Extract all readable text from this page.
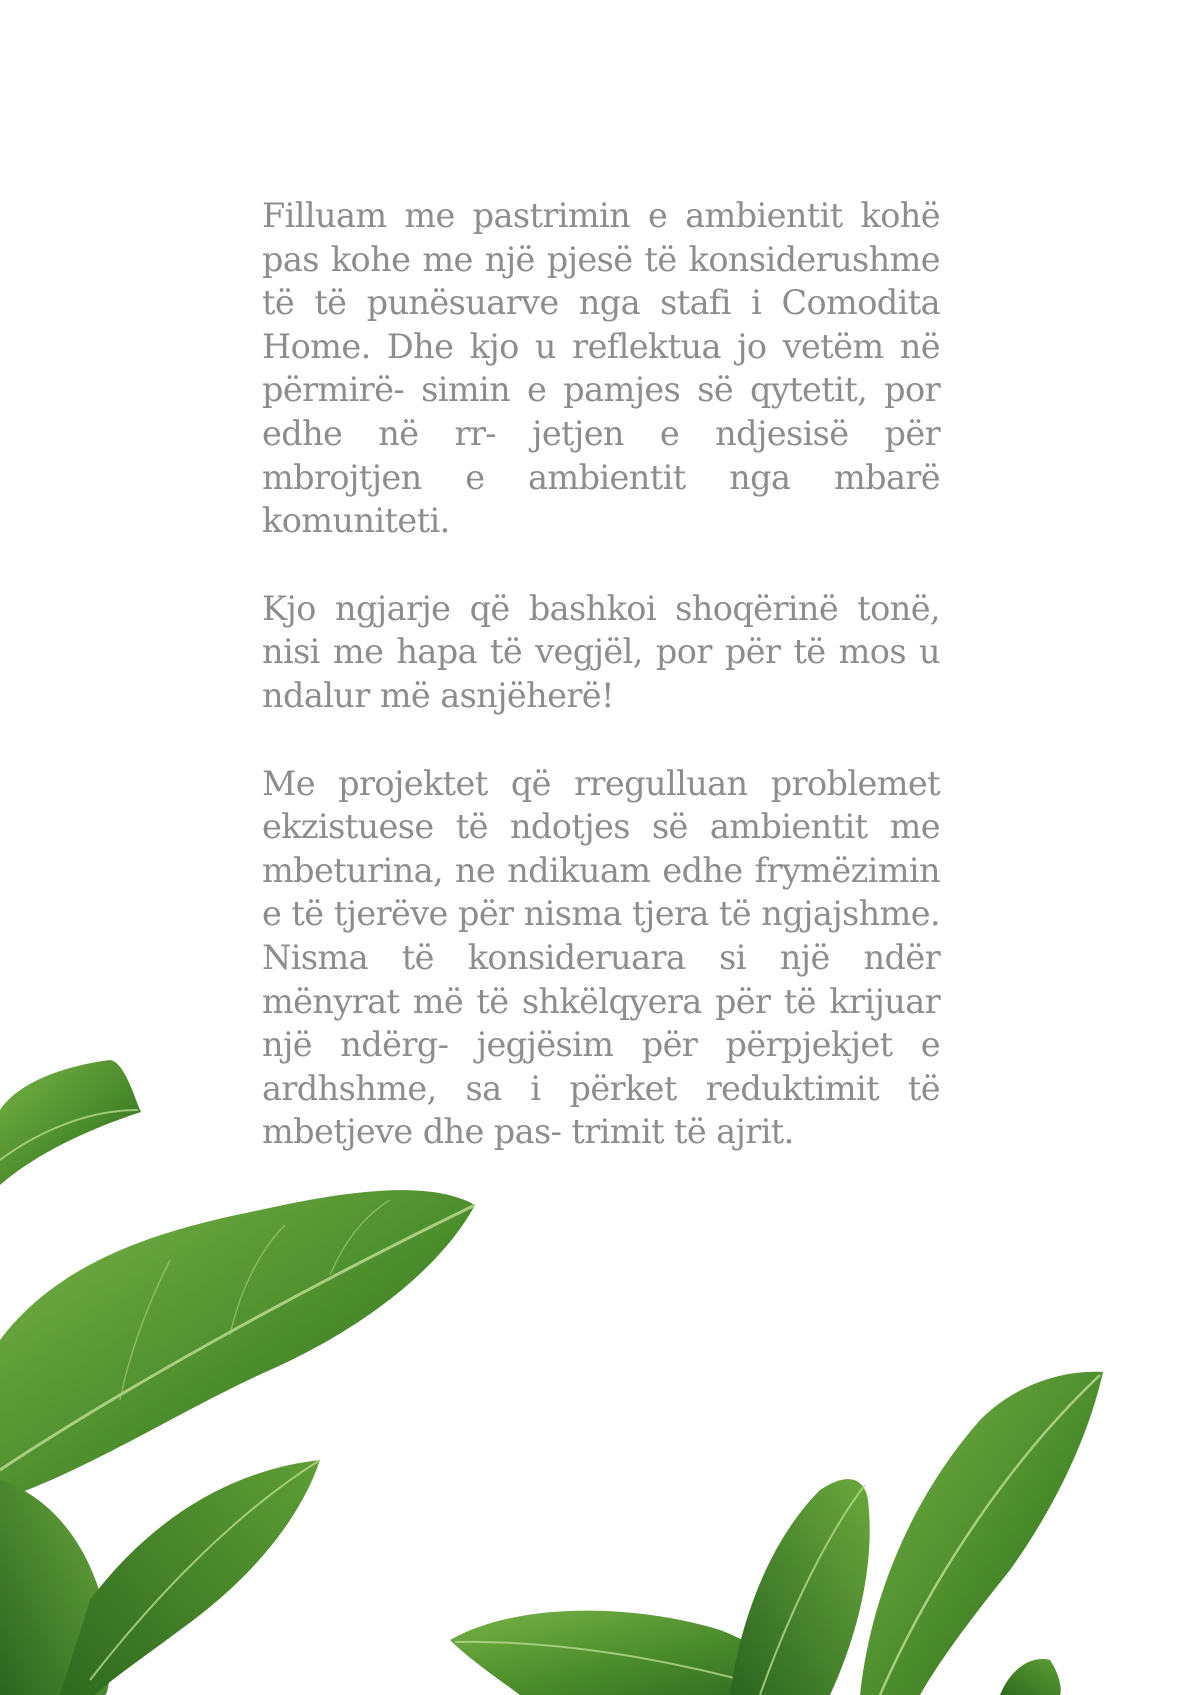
Filluam me pastrimin e ambientit kohë pas kohe me një pjesë të konsiderushme të të punësuarve nga stafi i Comodita Home. Dhe kjo u reflektua jo vetëm në përmirë- simin e pamjes së qytetit, por edhe në rr- jetjen e ndjesisë për mbrojtjen e ambientit nga mbarë komuniteti.

Kjo ngjarje që bashkoi shoqërinë tonë, nisi me hapa të vegjël, por për të mos u ndalur më asnjëherë!

Me projektet që rregulluan problemet ekzistuese të ndotjes së ambientit me mbeturina, ne ndikuam edhe frymëzimin e të tjerëve për nisma tjera të ngjajshme. Nisma të konsideruara si një ndër mënyrat më të shkëlqyera për të krijuar një ndërg- jegjësim për përpjekjet e ardhshme, sa i përket reduktimit të mbetjeve dhe pas- trimit të ajrit.
